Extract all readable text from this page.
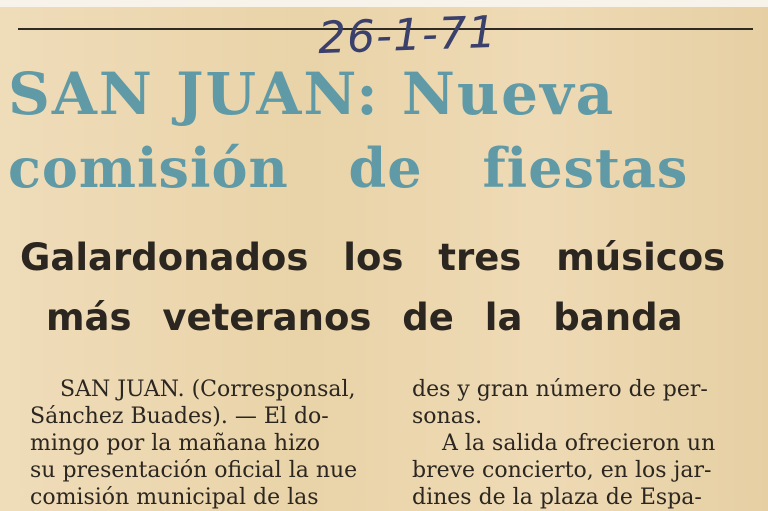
26-1-71
SAN JUAN: Nueva
comisión de fiestas
Galardonados los tres músicos
más veteranos de la banda
SAN JUAN. (Corresponsal,
Sánchez Buades). — El do-
mingo por la mañana hizo
su presentación oficial la nue
comisión municipal de las
des y gran número de per-
sonas.
A la salida ofrecieron un
breve concierto, en los jar-
dines de la plaza de Espa-
